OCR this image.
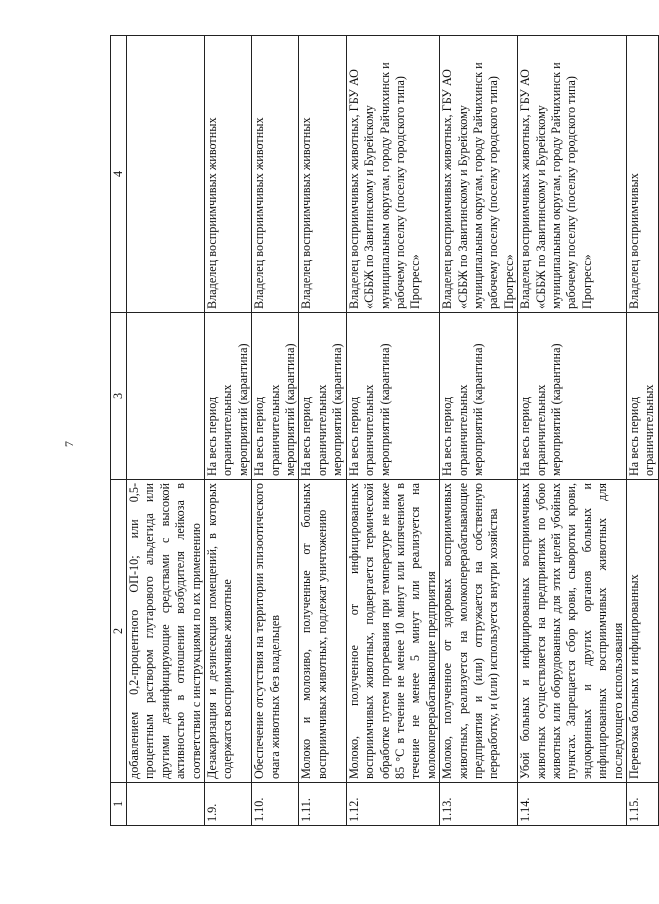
7
1	2	3	4
	добавлением 0,2-процентного ОП-10; или 0,5-процентным раствором глутарового альдегида или другими дезинфицирующие средствами с высокой активностью в отношении возбудителя лейкоза в соответствии с инструкциями по их применению		
1.9.	Дезакаризация и дезинсекция помещений, в которых содержатся восприимчивые животные	На весь период ограничительных мероприятий (карантина)	Владелец восприимчивых животных
1.10.	Обеспечение отсутствия на территории эпизоотического очага животных без владельцев	На весь период ограничительных мероприятий (карантина)	Владелец восприимчивых животных
1.11.	Молоко и молозиво, полученные от больных восприимчивых животных, подлежат уничтожению	На весь период ограничительных мероприятий (карантина)	Владелец восприимчивых животных
1.12.	Молоко, полученное от инфицированных восприимчивых животных, подвергается термической обработке путем прогревания при температуре не ниже 85 °С в течение не менее 10 минут или кипячением в течение не менее 5 минут или реализуется на молокоперерабатывающие предприятия	На весь период ограничительных мероприятий (карантина)	Владелец восприимчивых животных, ГБУ АО «СББЖ по Завитинскому и Бурейскому муниципальным округам, городу Райчихинск и рабочему поселку (поселку городского типа) Прогресс»
1.13.	Молоко, полученное от здоровых восприимчивых животных, реализуется на молокоперерабатывающие предприятия и (или) отгружается на собственную переработку, и (или) используется внутри хозяйства	На весь период ограничительных мероприятий (карантина)	Владелец восприимчивых животных, ГБУ АО «СББЖ по Завитинскому и Бурейскому муниципальным округам, городу Райчихинск и рабочему поселку (поселку городского типа) Прогресс»
1.14.	Убой больных и инфицированных восприимчивых животных осуществляется на предприятиях по убою животных или оборудованных для этих целей убойных пунктах. Запрещается сбор крови, сыворотки крови, эндокринных и других органов больных и инфицированных восприимчивых животных для последующего использования	На весь период ограничительных мероприятий (карантина)	Владелец восприимчивых животных, ГБУ АО «СББЖ по Завитинскому и Бурейскому муниципальным округам, городу Райчихинск и рабочему поселку (поселку городского типа) Прогресс»
1.15.	Перевозка больных и инфицированных	На весь период ограничительных	Владелец восприимчивых
